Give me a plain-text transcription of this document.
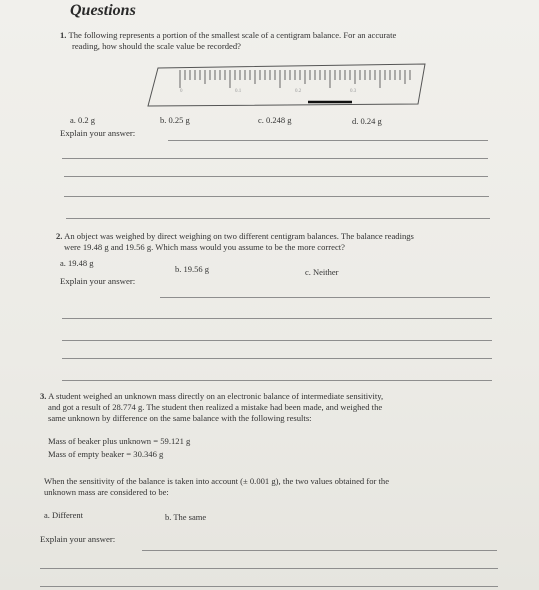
Questions
1. The following represents a portion of the smallest scale of a centigram balance. For an accurate
reading, how should the scale value be recorded?
0	0.1	0.2	0.3
a. 0.2 g	b. 0.25 g	c. 0.248 g	d. 0.24 g
Explain your answer:
2. An object was weighed by direct weighing on two different centigram balances. The balance readings
were 19.48 g and 19.56 g. Which mass would you assume to be the more correct?
a. 19.48 g
b. 19.56 g	c. Neither
Explain your answer:
3. A student weighed an unknown mass directly on an electronic balance of intermediate sensitivity,
and got a result of 28.774 g. The student then realized a mistake had been made, and weighed the
same unknown by difference on the same balance with the following results:
Mass of beaker plus unknown = 59.121 g
Mass of empty beaker = 30.346 g
When the sensitivity of the balance is taken into account (± 0.001 g), the two values obtained for the
unknown mass are considered to be:
a. Different	b. The same
Explain your answer:
